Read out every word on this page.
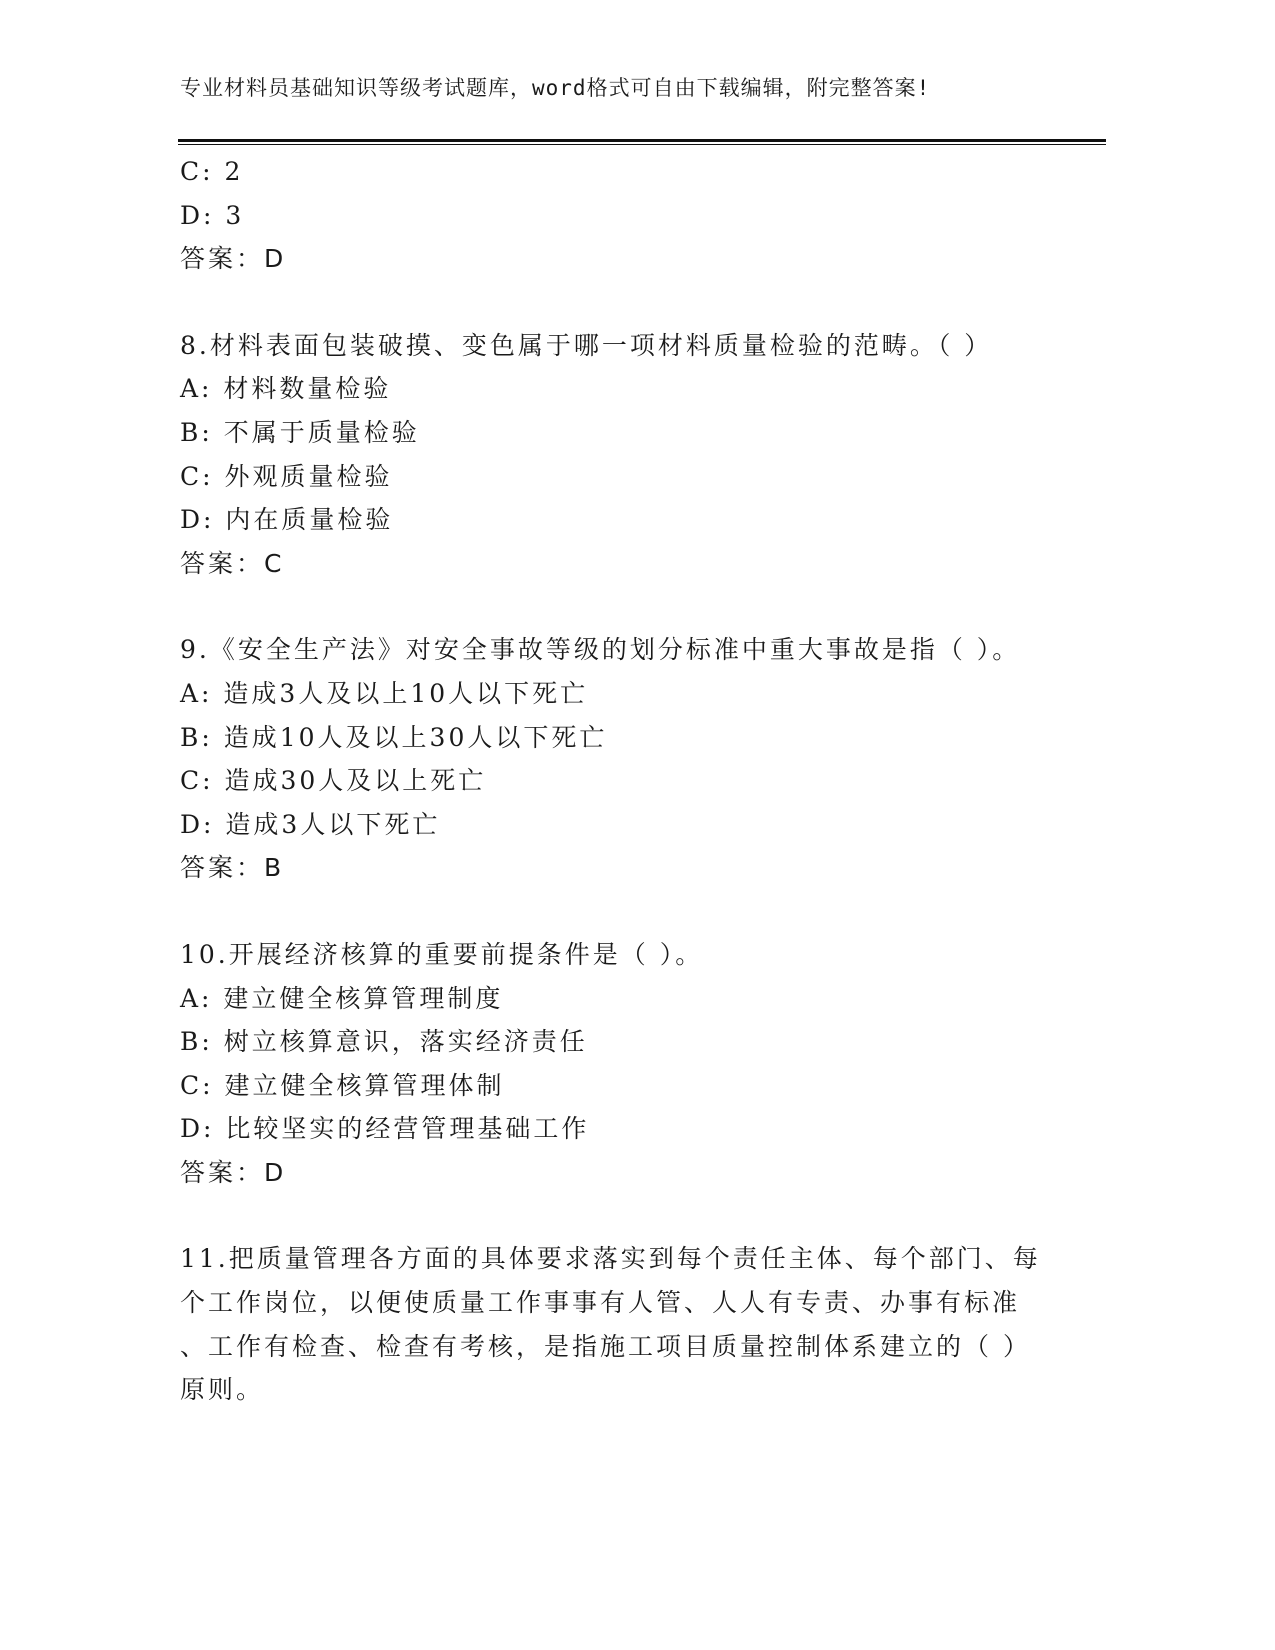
专业材料员基础知识等级考试题库，word格式可自由下载编辑，附完整答案!
C: 2
D: 3
答案：D
8.材料表面包装破摸、变色属于哪一项材料质量检验的范畴。（ ）
A: 材料数量检验
B: 不属于质量检验
C: 外观质量检验
D: 内在质量检验
答案：C
9.《安全生产法》对安全事故等级的划分标准中重大事故是指（ ）。
A: 造成3人及以上10人以下死亡
B: 造成10人及以上30人以下死亡
C: 造成30人及以上死亡
D: 造成3人以下死亡
答案：B
10.开展经济核算的重要前提条件是（ ）。
A: 建立健全核算管理制度
B: 树立核算意识，落实经济责任
C: 建立健全核算管理体制
D: 比较坚实的经营管理基础工作
答案：D
11.把质量管理各方面的具体要求落实到每个责任主体、每个部门、每
个工作岗位，以便使质量工作事事有人管、人人有专责、办事有标准
、工作有检查、检查有考核，是指施工项目质量控制体系建立的（ ）
原则。
